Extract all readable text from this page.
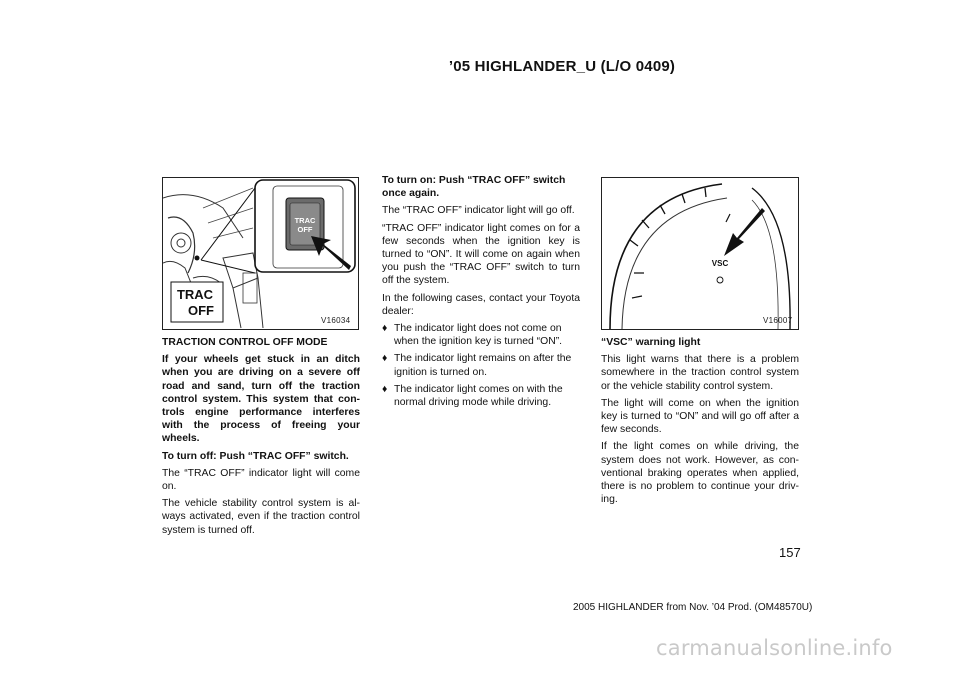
’05 HIGHLANDER_U (L/O 0409)
TRAC
OFF
TRAC
OFF
V16034
VSC
V16007

TRACTION CONTROL OFF MODE

If your wheels get stuck in an ditch when you are driving on a severe off road and sand, turn off the traction control system. This system that con- trols engine performance interferes with the process of freeing your wheels.

To turn off: Push “TRAC OFF” switch.

The “TRAC OFF” indicator light will come on.

The vehicle stability control system is al- ways activated, even if the traction control system is turned off.

To turn on: Push “TRAC OFF” switch once again.

The “TRAC OFF” indicator light will go off.

“TRAC OFF” indicator light comes on for a few seconds when the ignition key is turned to “ON”. It will come on again when you push the “TRAC OFF” switch to turn off the system.

In the following cases, contact your Toyota dealer:

♦ The indicator light does not come on when the ignition key is turned “ON”.
♦ The indicator light remains on after the ignition is turned on.
♦ The indicator light comes on with the normal driving mode while driving.

“VSC” warning light

This light warns that there is a problem somewhere in the traction control system or the vehicle stability control system.

The light will come on when the ignition key is turned to “ON” and will go off after a few seconds.

If the light comes on while driving, the system does not work. However, as con- ventional braking operates when applied, there is no problem to continue your driv- ing.

157
2005 HIGHLANDER from Nov. ’04 Prod. (OM48570U)
carmanualsonline.info
